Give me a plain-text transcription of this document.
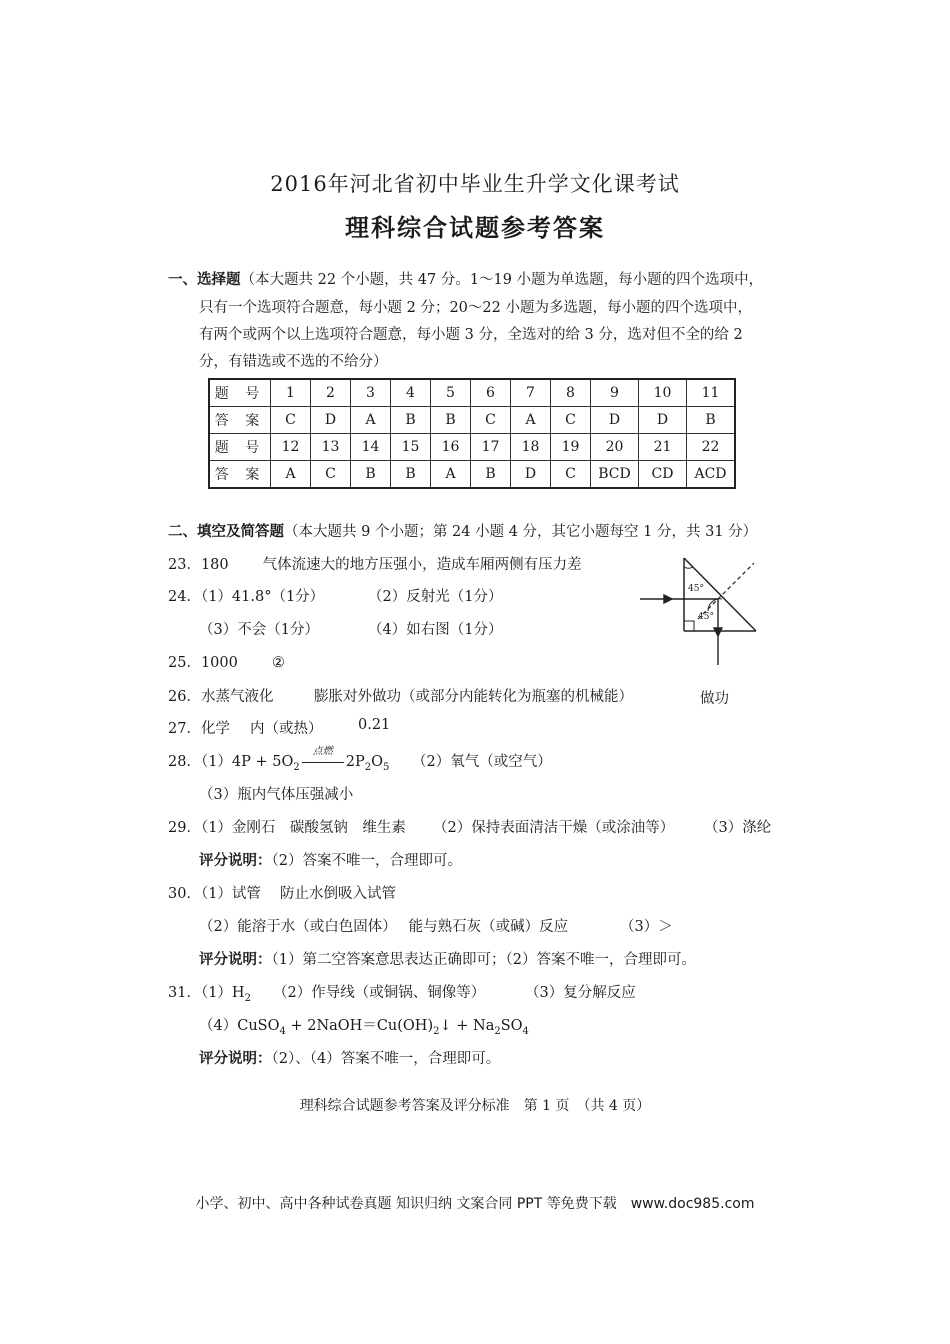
2016年河北省初中毕业生升学文化课考试
理科综合试题参考答案
一、选择题（本大题共 22 个小题，共 47 分。1～19 小题为单选题，每小题的四个选项中，
只有一个选项符合题意，每小题 2 分；20～22 小题为多选题，每小题的四个选项中，
有两个或两个以上选项符合题意，每小题 3 分，全选对的给 3 分，选对但不全的给 2
分，有错选或不选的不给分）
题 号	1	2	3	4	5	6	7	8	9	10	11
答 案	C	D	A	B	B	C	A	C	D	D	B
题 号	12	13	14	15	16	17	18	19	20	21	22
答 案	A	C	B	B	A	B	D	C	BCD	CD	ACD
二、填空及简答题（本大题共 9 个小题；第 24 小题 4 分，其它小题每空 1 分，共 31 分）
23．180 气体流速大的地方压强小，造成车厢两侧有压力差
24．（1）41.8°（1分）	（2）反射光（1分）
（3）不会（1分）	（4）如右图（1分）
45°
45°
25．1000 ②
26．水蒸气液化	膨胀对外做功（或部分内能转化为瓶塞的机械能）	做功
27．化学 内（或热） 0.21
28．$(1)4P + 5O_2$
点燃
$2P_2O_5$ （2）氧气（或空气）
（3）瓶内气体压强减小
29．（1）金刚石　碳酸氢钠　维生素 （2）保持表面清洁干燥（或涂油等） （3）涤纶
评分说明：（2）答案不唯一，合理即可。
30．（1）试管　 防止水倒吸入试管
（2）能溶于水（或白色固体）　 能与熟石灰（或碱）反应	（3）＞
评分说明：（1）第二空答案意思表达正确即可；（2）答案不唯一，合理即可。
31．$(1)H_2$ （2）作导线（或铜锅、铜像等）	（3）复分解反应
（4）CuSO$_4$ + $2NaOH=Cu(OH)_2↓ + Na_2SO_4$
评分说明：（2）、（4）答案不唯一，合理即可。
理科综合试题参考答案及评分标准　第 1 页　（共 4 页）
小学、初中、高中各种试卷真题 知识归纳 文案合同 PPT 等免费下载　www.doc985.com
